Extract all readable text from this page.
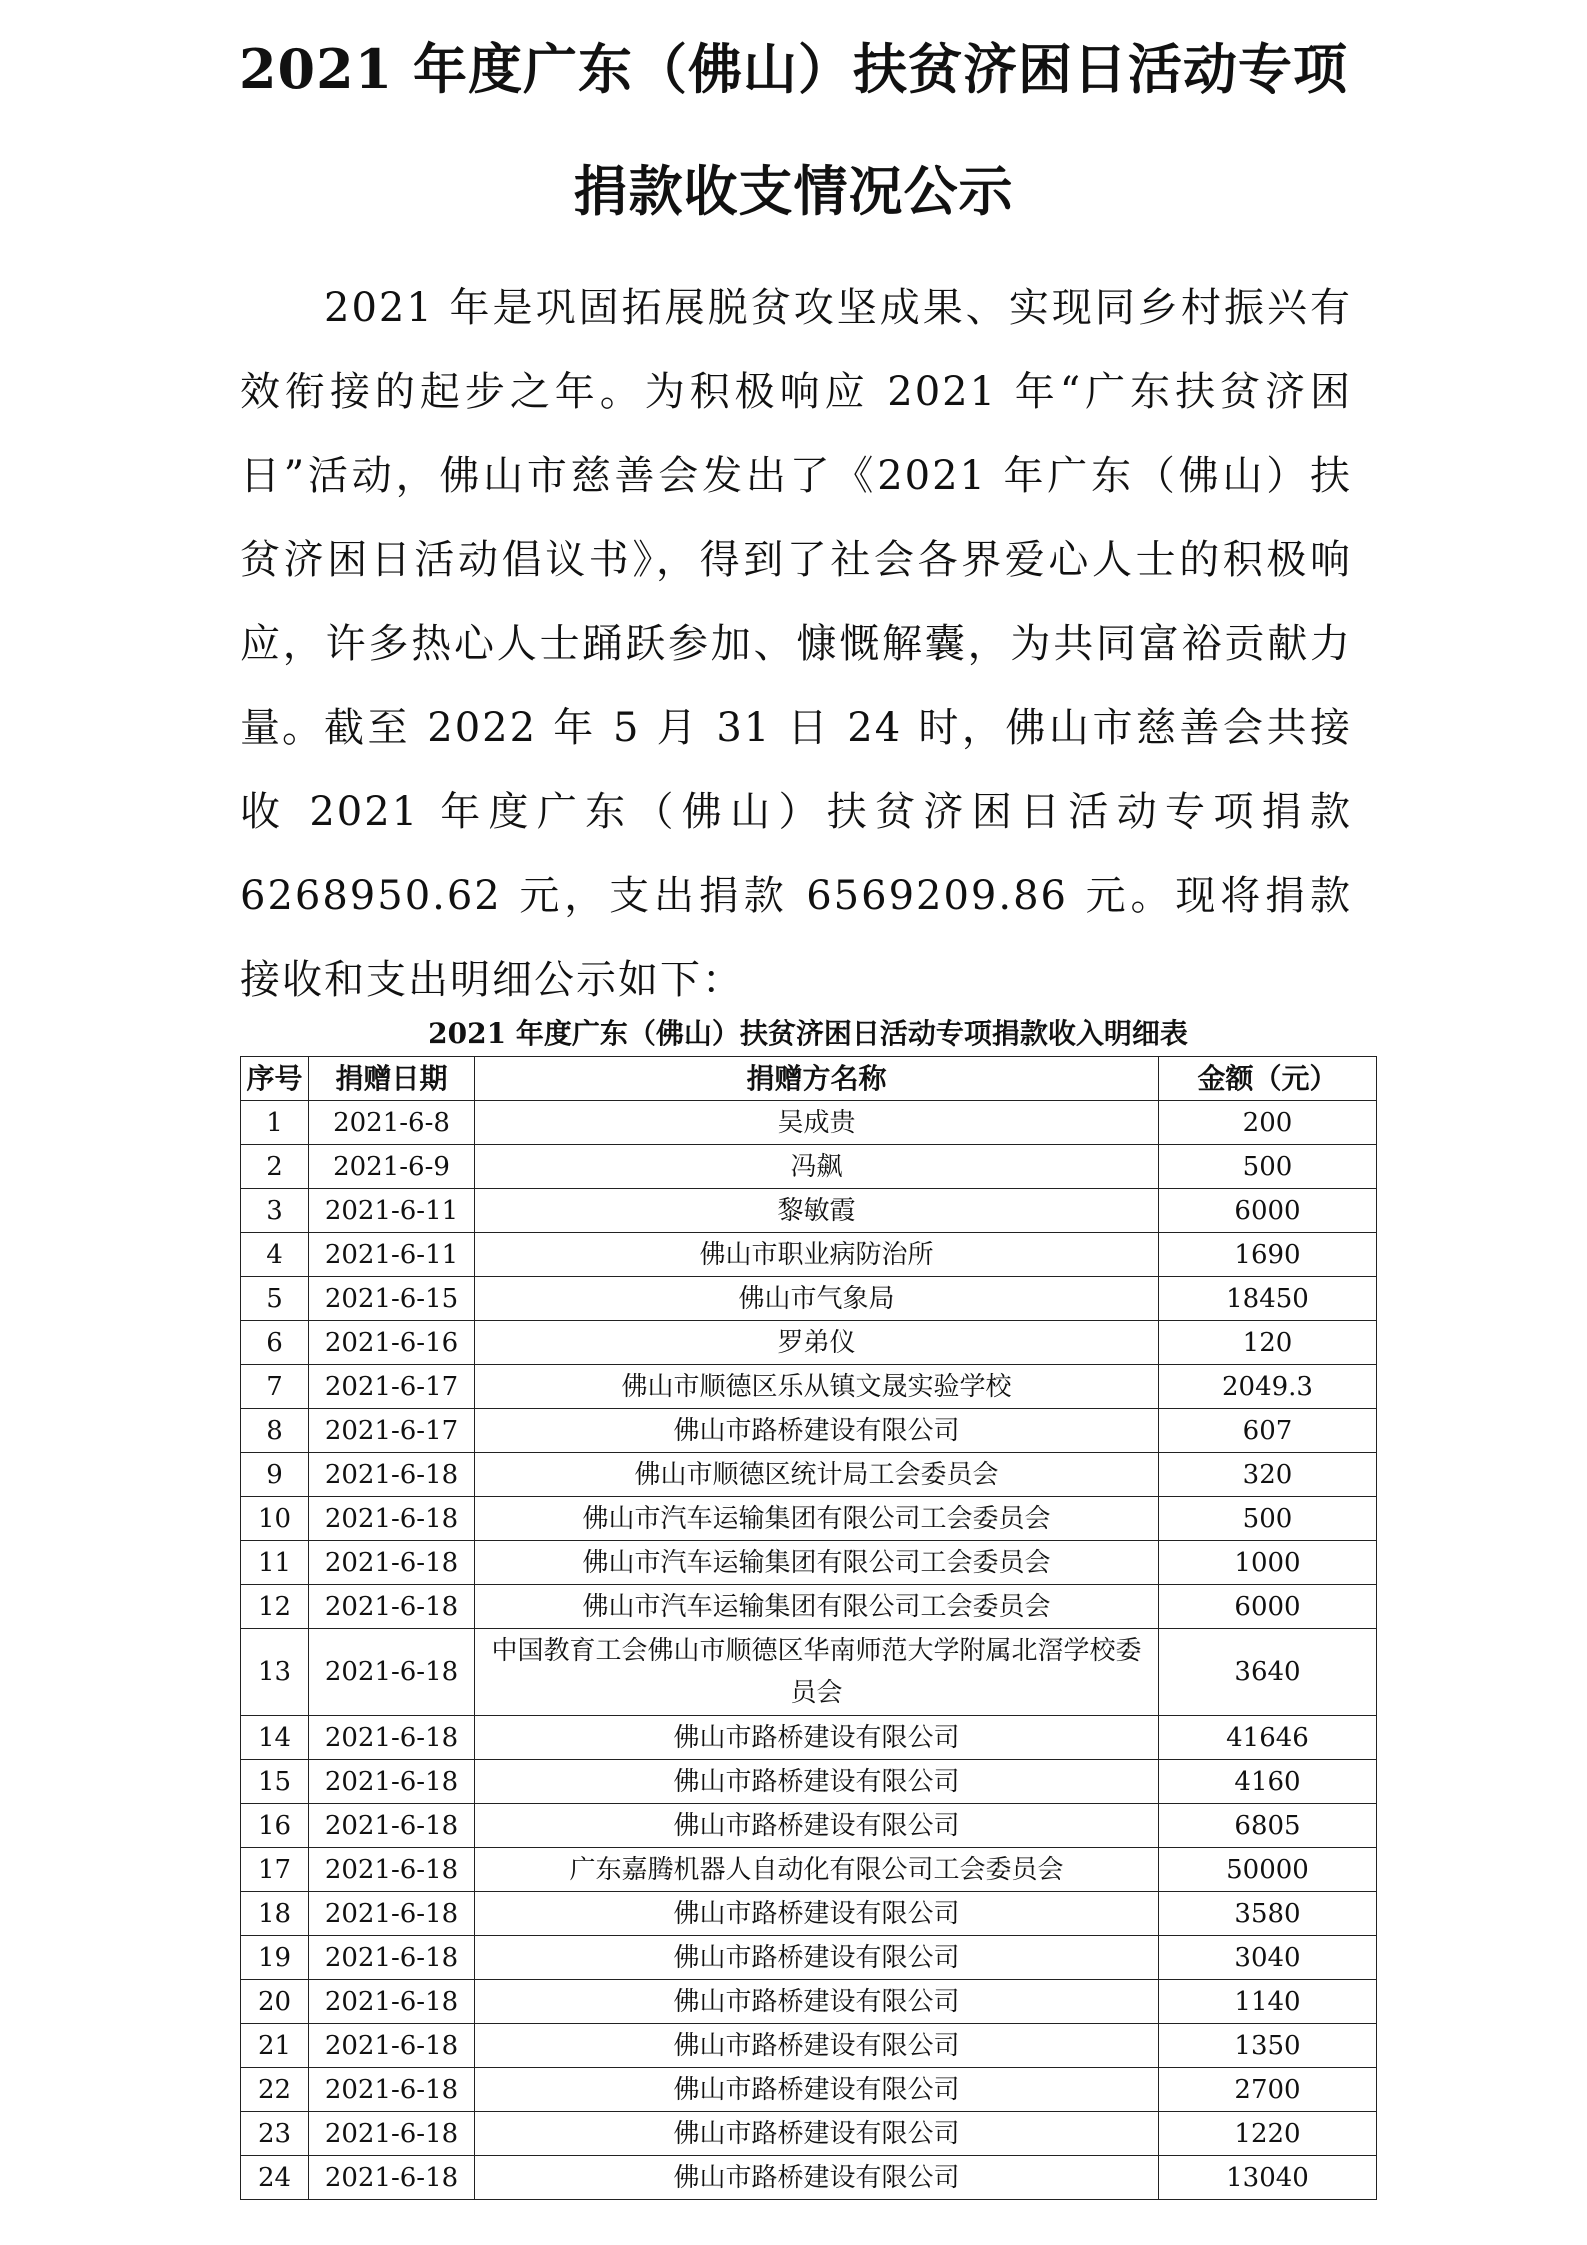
2021 年度广东（佛山）扶贫济困日活动专项
捐款收支情况公示

2021 年是巩固拓展脱贫攻坚成果、实现同乡村振兴有效衔接的起步之年。为积极响应 2021 年“广东扶贫济困日”活动，佛山市慈善会发出了《2021 年广东（佛山）扶贫济困日活动倡议书》，得到了社会各界爱心人士的积极响应，许多热心人士踊跃参加、慷慨解囊，为共同富裕贡献力量。 截至 2022 年 5 月 31 日 24 时，佛山市慈善会共接收 2021 年度广东（佛山）扶贫济困日活动专项捐款 6268950.62 元，支出捐款 6569209.86 元。现将捐款接收和支出明细公示如下：

2021 年度广东（佛山）扶贫济困日活动专项捐款收入明细表
序号	捐赠日期	捐赠方名称	金额（元）
1	2021-6-8	吴成贵	200
2	2021-6-9	冯飙	500
3	2021-6-11	黎敏霞	6000
4	2021-6-11	佛山市职业病防治所	1690
5	2021-6-15	佛山市气象局	18450
6	2021-6-16	罗弟仪	120
7	2021-6-17	佛山市顺德区乐从镇文晟实验学校	2049.3
8	2021-6-17	佛山市路桥建设有限公司	607
9	2021-6-18	佛山市顺德区统计局工会委员会	320
10	2021-6-18	佛山市汽车运输集团有限公司工会委员会	500
11	2021-6-18	佛山市汽车运输集团有限公司工会委员会	1000
12	2021-6-18	佛山市汽车运输集团有限公司工会委员会	6000
13	2021-6-18	中国教育工会佛山市顺德区华南师范大学附属北滘学校委员会	3640
14	2021-6-18	佛山市路桥建设有限公司	41646
15	2021-6-18	佛山市路桥建设有限公司	4160
16	2021-6-18	佛山市路桥建设有限公司	6805
17	2021-6-18	广东嘉腾机器人自动化有限公司工会委员会	50000
18	2021-6-18	佛山市路桥建设有限公司	3580
19	2021-6-18	佛山市路桥建设有限公司	3040
20	2021-6-18	佛山市路桥建设有限公司	1140
21	2021-6-18	佛山市路桥建设有限公司	1350
22	2021-6-18	佛山市路桥建设有限公司	2700
23	2021-6-18	佛山市路桥建设有限公司	1220
24	2021-6-18	佛山市路桥建设有限公司	13040
